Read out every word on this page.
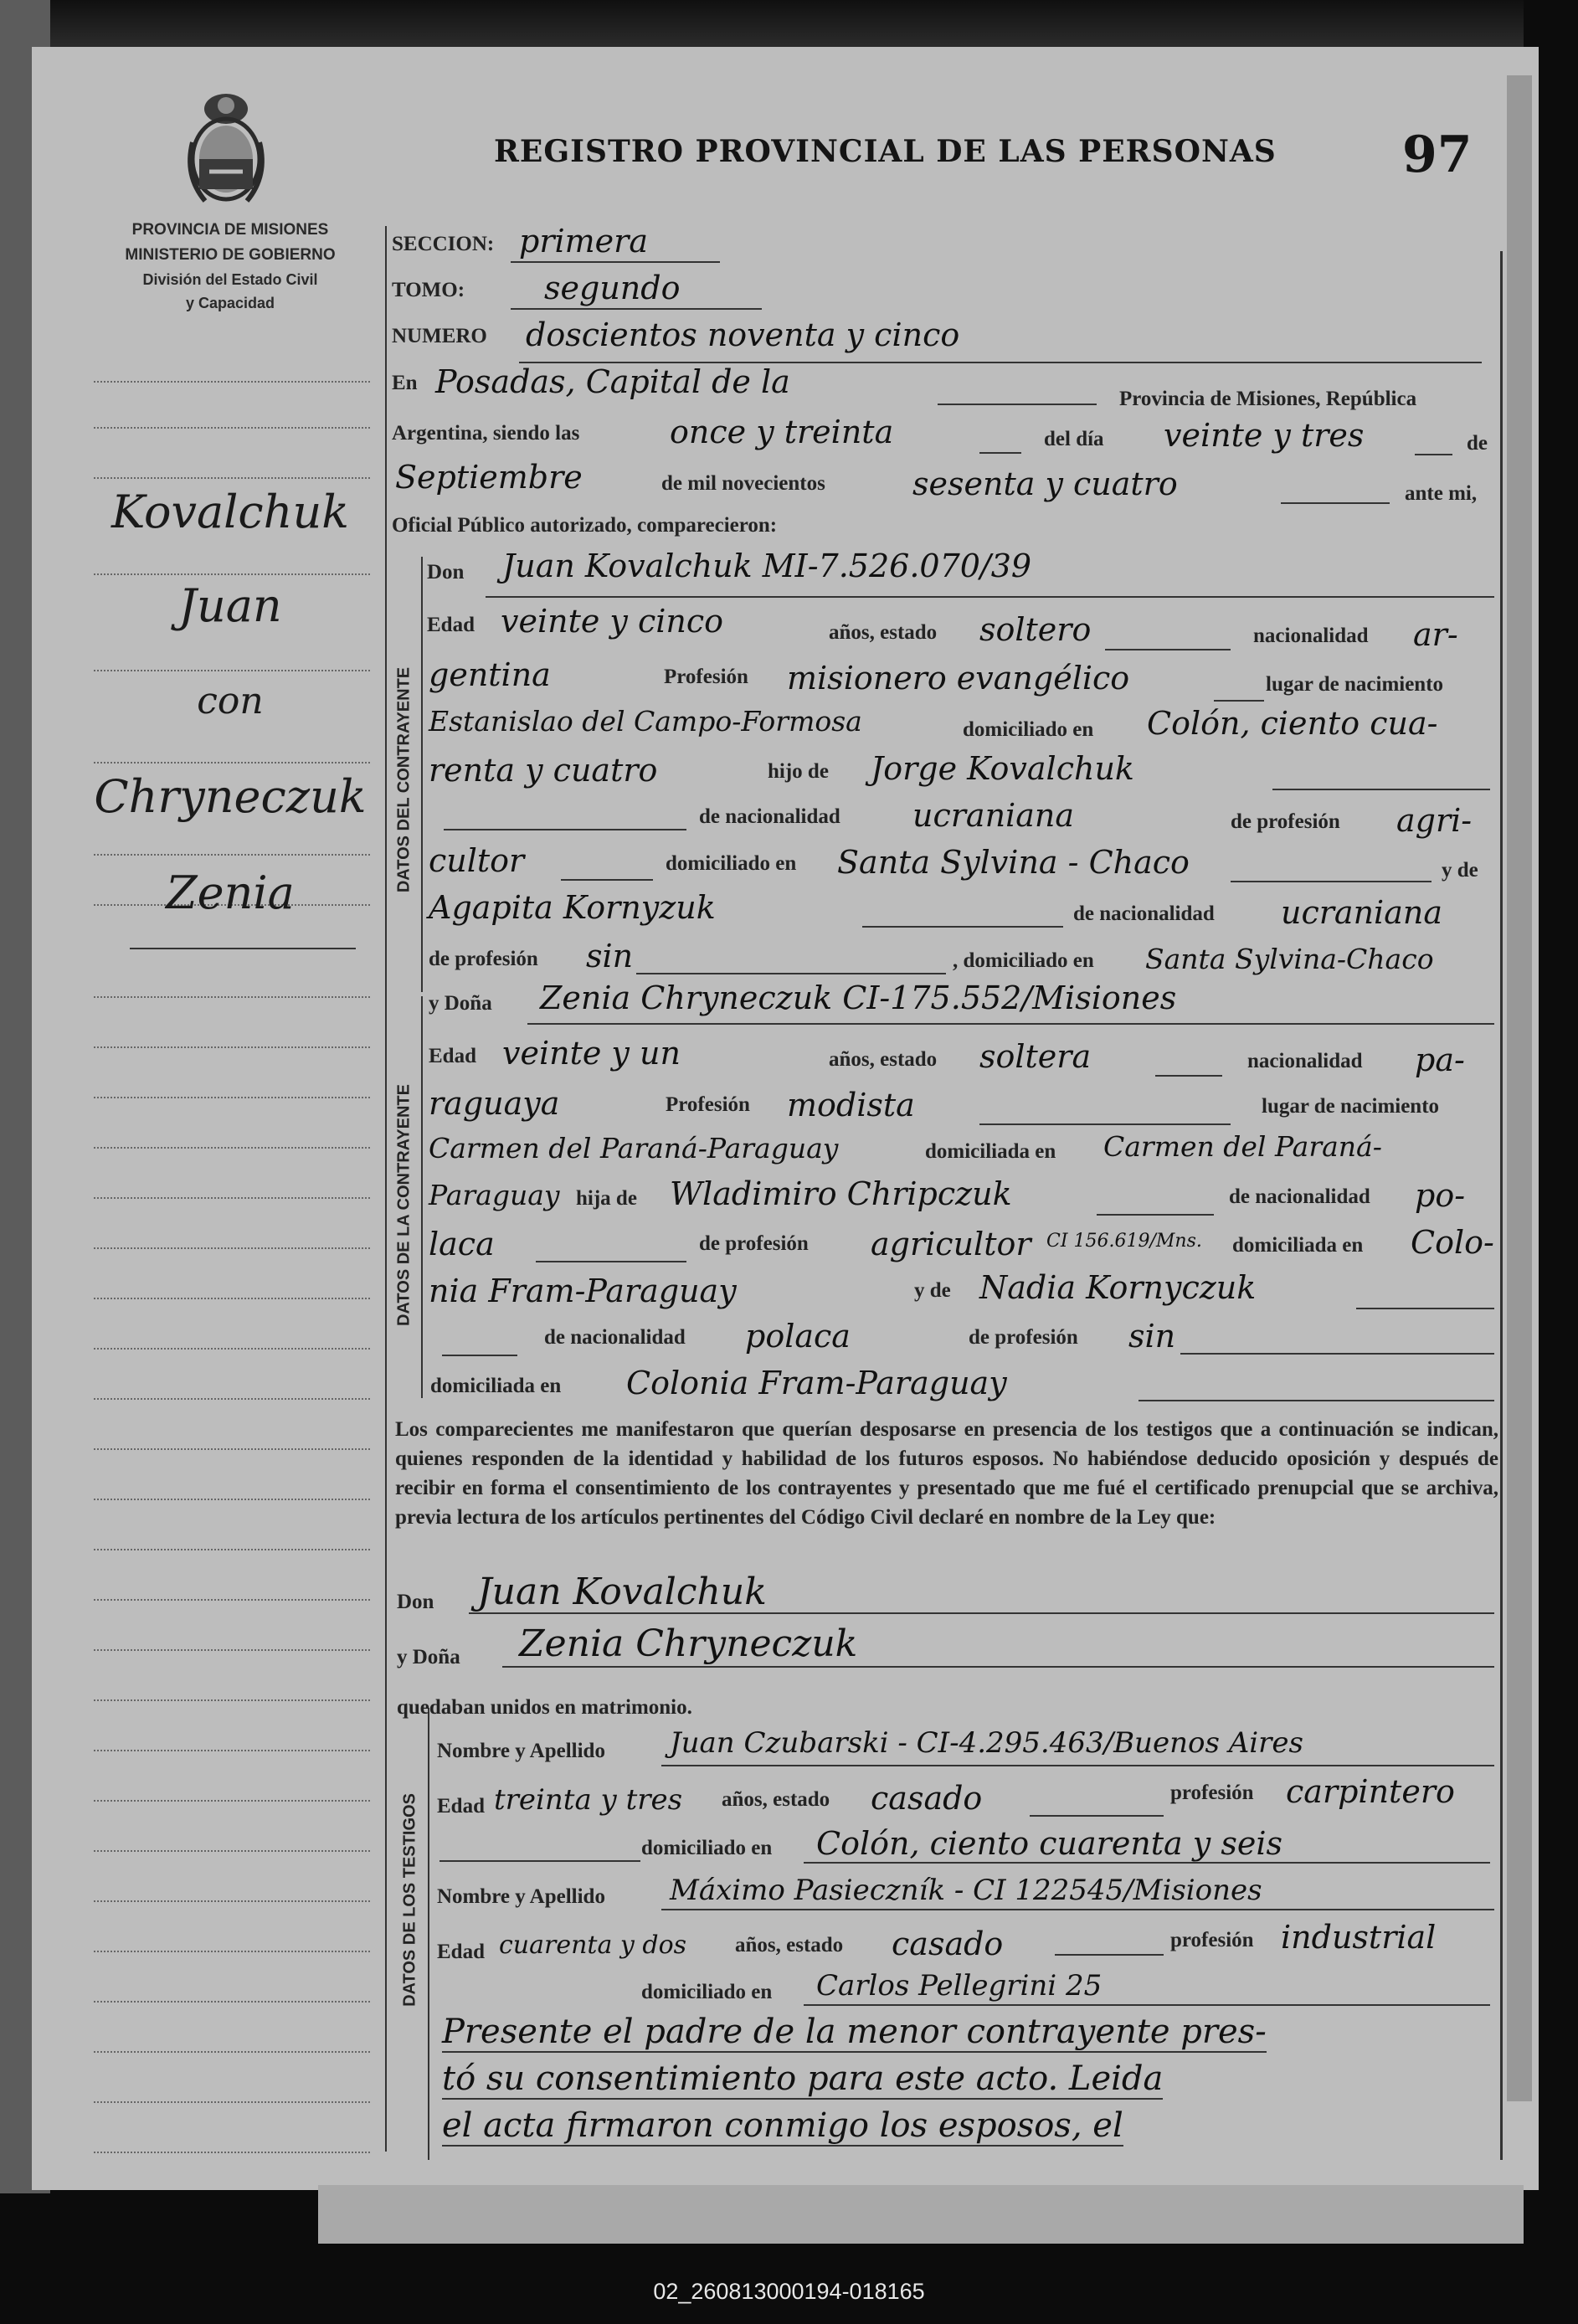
REGISTRO PROVINCIAL DE LAS PERSONAS	97
PROVINCIA DE MISIONES
MINISTERIO DE GOBIERNO
División del Estado Civil
y Capacidad
Kovalchuk
Juan
con
Chryneczuk
Zenia
SECCION: primera
TOMO: segundo
NUMERO doscientos noventa y cinco
En Posadas, Capital de la	Provincia de Misiones, República
Argentina, siendo las	once y treinta	del día veinte y tres	de
Septiembre	de mil novecientos	sesenta y cuatro	ante mi,
Oficial Público autorizado, comparecieron:
DATOS DEL CONTRAYENTE
Don Juan Kovalchuk MI-7.526.070/39
Edad veinte y cinco	años, estado soltero	nacionalidad ar-
gentina	Profesión misionero evangélico	lugar de nacimiento
Estanislao del Campo-Formosa	domiciliado en Colón, ciento cua-
renta y cuatro	hijo de Jorge Kovalchuk
de nacionalidad ucraniana	de profesión agri-
cultor	domiciliado en Santa Sylvina - Chaco	y de
Agapita Kornyzuk	de nacionalidad ucraniana
de profesión sin	, domiciliado en Santa Sylvina-Chaco
DATOS DE LA CONTRAYENTE
y Doña Zenia Chryneczuk CI-175.552/Misiones
Edad veinte y un	años, estado soltera	nacionalidad pa-
raguaya	Profesión modista	lugar de nacimiento
Carmen del Paraná-Paraguay	domiciliada en Carmen del Paraná-
Paraguay hija de Wladimiro Chripczuk	de nacionalidad po-
laca	de profesión agricultor CI 156.619/Mns. domiciliada en Colo-
nia Fram-Paraguay	y de Nadia Kornyczuk
de nacionalidad polaca	de profesión sin
domiciliada en Colonia Fram-Paraguay
Los comparecientes me manifestaron que querían desposarse en presencia de los testigos que a continuación se indican, quienes responden de la identidad y habilidad de los futuros esposos. No habiéndose deducido oposición y después de recibir en forma el consentimiento de los contrayentes y presentado que me fué el certificado prenupcial que se archiva, previa lectura de los artículos pertinentes del Código Civil declaré en nombre de la Ley que:
Don Juan Kovalchuk
y Doña Zenia Chryneczuk
quedaban unidos en matrimonio.
DATOS DE LOS TESTIGOS
Nombre y Apellido Juan Czubarski - CI-4.295.463/Buenos Aires
Edad treinta y tres años, estado casado	profesión carpintero
domiciliado en Colón, ciento cuarenta y seis
Nombre y Apellido Máximo Pasieczník - CI 122545/Misiones
Edad cuarenta y dos años, estado casado	profesión industrial
domiciliado en Carlos Pellegrini 25
Presente el padre de la menor contrayente pres-
tó su consentimiento para este acto. Leida
el acta firmaron conmigo los esposos, el
02_260813000194-018165
